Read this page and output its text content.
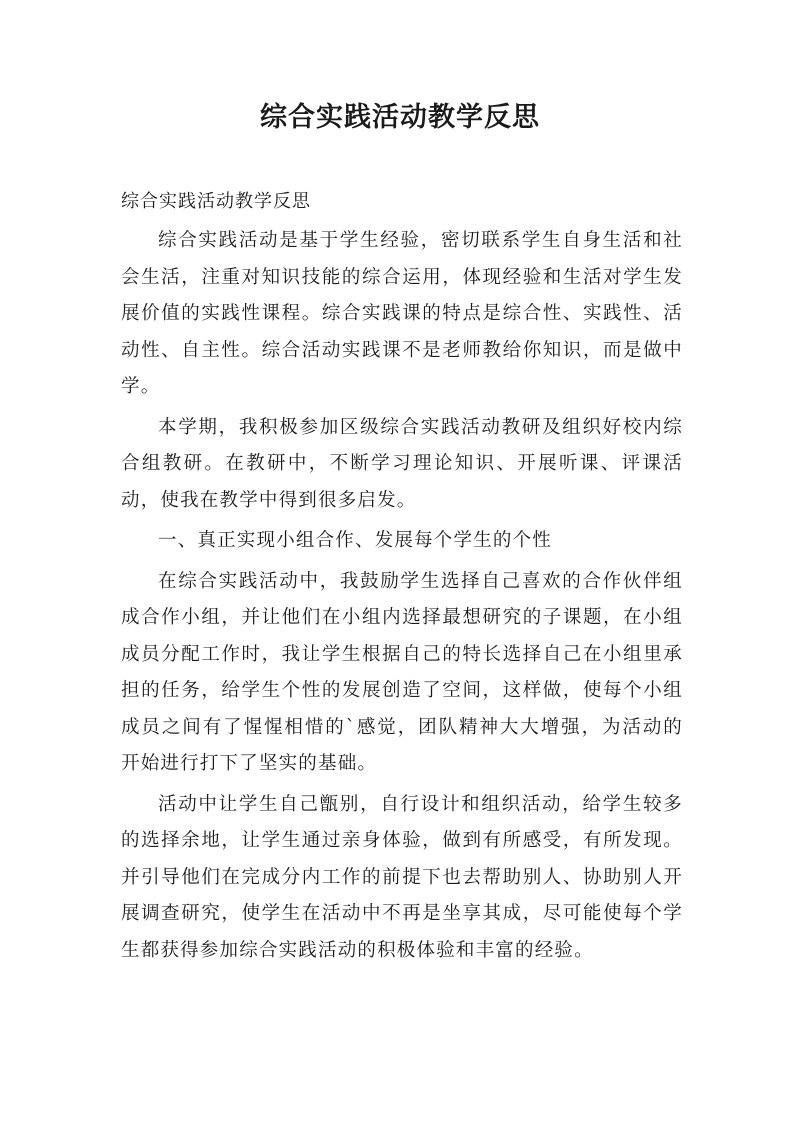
综合实践活动教学反思

综合实践活动教学反思

综合实践活动是基于学生经验，密切联系学生自身生活和社会生活，注重对知识技能的综合运用，体现经验和生活对学生发展价值的实践性课程。综合实践课的特点是综合性、实践性、活动性、自主性。综合活动实践课不是老师教给你知识，而是做中学。

本学期，我积极参加区级综合实践活动教研及组织好校内综合组教研。在教研中，不断学习理论知识、开展听课、评课活动，使我在教学中得到很多启发。

一、真正实现小组合作、发展每个学生的个性

在综合实践活动中，我鼓励学生选择自己喜欢的合作伙伴组成合作小组，并让他们在小组内选择最想研究的子课题，在小组成员分配工作时，我让学生根据自己的特长选择自己在小组里承担的任务，给学生个性的发展创造了空间，这样做，使每个小组成员之间有了惺惺相惜的`感觉，团队精神大大增强，为活动的开始进行打下了坚实的基础。

活动中让学生自己甑别，自行设计和组织活动，给学生较多的选择余地，让学生通过亲身体验，做到有所感受，有所发现。并引导他们在完成分内工作的前提下也去帮助别人、协助别人开展调查研究，使学生在活动中不再是坐享其成，尽可能使每个学生都获得参加综合实践活动的积极体验和丰富的经验。
